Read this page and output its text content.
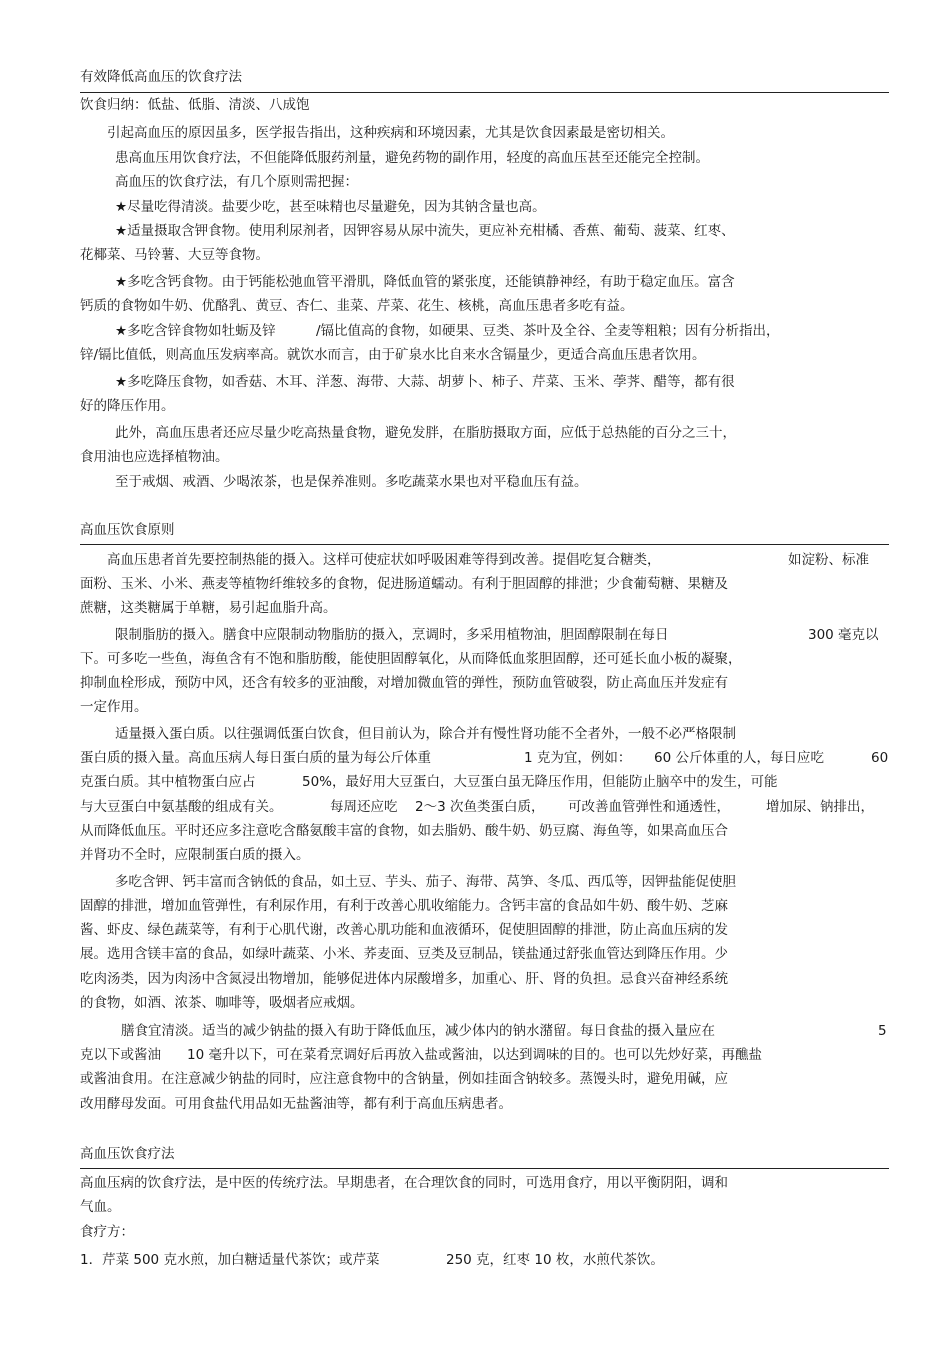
有效降低高血压的饮食疗法
饮食归纳：低盐、低脂、清淡、八成饱
引起高血压的原因虽多，医学报告指出，这种疾病和环境因素，尤其是饮食因素最是密切相关。
患高血压用饮食疗法，不但能降低服药剂量，避免药物的副作用，轻度的高血压甚至还能完全控制。
高血压的饮食疗法，有几个原则需把握：
★尽量吃得清淡。盐要少吃，甚至味精也尽量避免，因为其钠含量也高。
★适量摄取含钾食物。使用利尿剂者，因钾容易从尿中流失，更应补充柑橘、香蕉、葡萄、菠菜、红枣、
花椰菜、马铃薯、大豆等食物。
★多吃含钙食物。由于钙能松弛血管平滑肌，降低血管的紧张度，还能镇静神经，有助于稳定血压。富含
钙质的食物如牛奶、优酪乳、黄豆、杏仁、韭菜、芹菜、花生、核桃，高血压患者多吃有益。
★多吃含锌食物如牡蛎及锌	/镉比值高的食物，如硬果、豆类、茶叶及全谷、全麦等粗粮；因有分析指出，
锌/镉比值低，则高血压发病率高。就饮水而言，由于矿泉水比自来水含镉量少，更适合高血压患者饮用。
★多吃降压食物，如香菇、木耳、洋葱、海带、大蒜、胡萝卜、柿子、芹菜、玉米、荸荠、醋等，都有很
好的降压作用。
此外，高血压患者还应尽量少吃高热量食物，避免发胖，在脂肪摄取方面，应低于总热能的百分之三十，
食用油也应选择植物油。
至于戒烟、戒酒、少喝浓茶，也是保养准则。多吃蔬菜水果也对平稳血压有益。
高血压饮食原则
高血压患者首先要控制热能的摄入。这样可使症状如呼吸困难等得到改善。提倡吃复合糖类，	如淀粉、标准
面粉、玉米、小米、燕麦等植物纤维较多的食物，促进肠道蠕动。有利于胆固醇的排泄；少食葡萄糖、果糖及
蔗糖，这类糖属于单糖，易引起血脂升高。
限制脂肪的摄入。膳食中应限制动物脂肪的摄入，烹调时，多采用植物油，胆固醇限制在每日	300 毫克以
下。可多吃一些鱼，海鱼含有不饱和脂肪酸，能使胆固醇氧化，从而降低血浆胆固醇，还可延长血小板的凝聚，
抑制血栓形成，预防中风，还含有较多的亚油酸，对增加微血管的弹性，预防血管破裂，防止高血压并发症有
一定作用。
适量摄入蛋白质。以往强调低蛋白饮食，但目前认为，除合并有慢性肾功能不全者外，一般不必严格限制
蛋白质的摄入量。高血压病人每日蛋白质的量为每公斤体重	1 克为宜，例如： 60 公斤体重的人，每日应吃	60
克蛋白质。其中植物蛋白应占	50%，最好用大豆蛋白，大豆蛋白虽无降压作用，但能防止脑卒中的发生，可能
与大豆蛋白中氨基酸的组成有关。	每周还应吃 2～3 次鱼类蛋白质， 可改善血管弹性和通透性，	增加尿、钠排出，
从而降低血压。平时还应多注意吃含酪氨酸丰富的食物，如去脂奶、酸牛奶、奶豆腐、海鱼等，如果高血压合
并肾功不全时，应限制蛋白质的摄入。
多吃含钾、钙丰富而含钠低的食品，如土豆、芋头、茄子、海带、莴笋、冬瓜、西瓜等，因钾盐能促使胆
固醇的排泄，增加血管弹性，有利尿作用，有利于改善心肌收缩能力。含钙丰富的食品如牛奶、酸牛奶、芝麻
酱、虾皮、绿色蔬菜等，有利于心肌代谢，改善心肌功能和血液循环，促使胆固醇的排泄，防止高血压病的发
展。选用含镁丰富的食品，如绿叶蔬菜、小米、荞麦面、豆类及豆制品，镁盐通过舒张血管达到降压作用。少
吃肉汤类，因为肉汤中含氮浸出物增加，能够促进体内尿酸增多，加重心、肝、肾的负担。忌食兴奋神经系统
的食物，如酒、浓茶、咖啡等，吸烟者应戒烟。
膳食宜清淡。适当的减少钠盐的摄入有助于降低血压，减少体内的钠水潴留。每日食盐的摄入量应在	5
克以下或酱油 10 毫升以下，可在菜肴烹调好后再放入盐或酱油，以达到调味的目的。也可以先炒好菜，再醮盐
或酱油食用。在注意减少钠盐的同时，应注意食物中的含钠量，例如挂面含钠较多。蒸馒头时，避免用碱，应
改用酵母发面。可用食盐代用品如无盐酱油等，都有利于高血压病患者。
高血压饮食疗法
高血压病的饮食疗法，是中医的传统疗法。早期患者，在合理饮食的同时，可选用食疗，用以平衡阴阳，调和
气血。
食疗方：
1．芹菜 500 克水煎，加白糖适量代茶饮；或芹菜	250 克，红枣 10 枚，水煎代茶饮。
